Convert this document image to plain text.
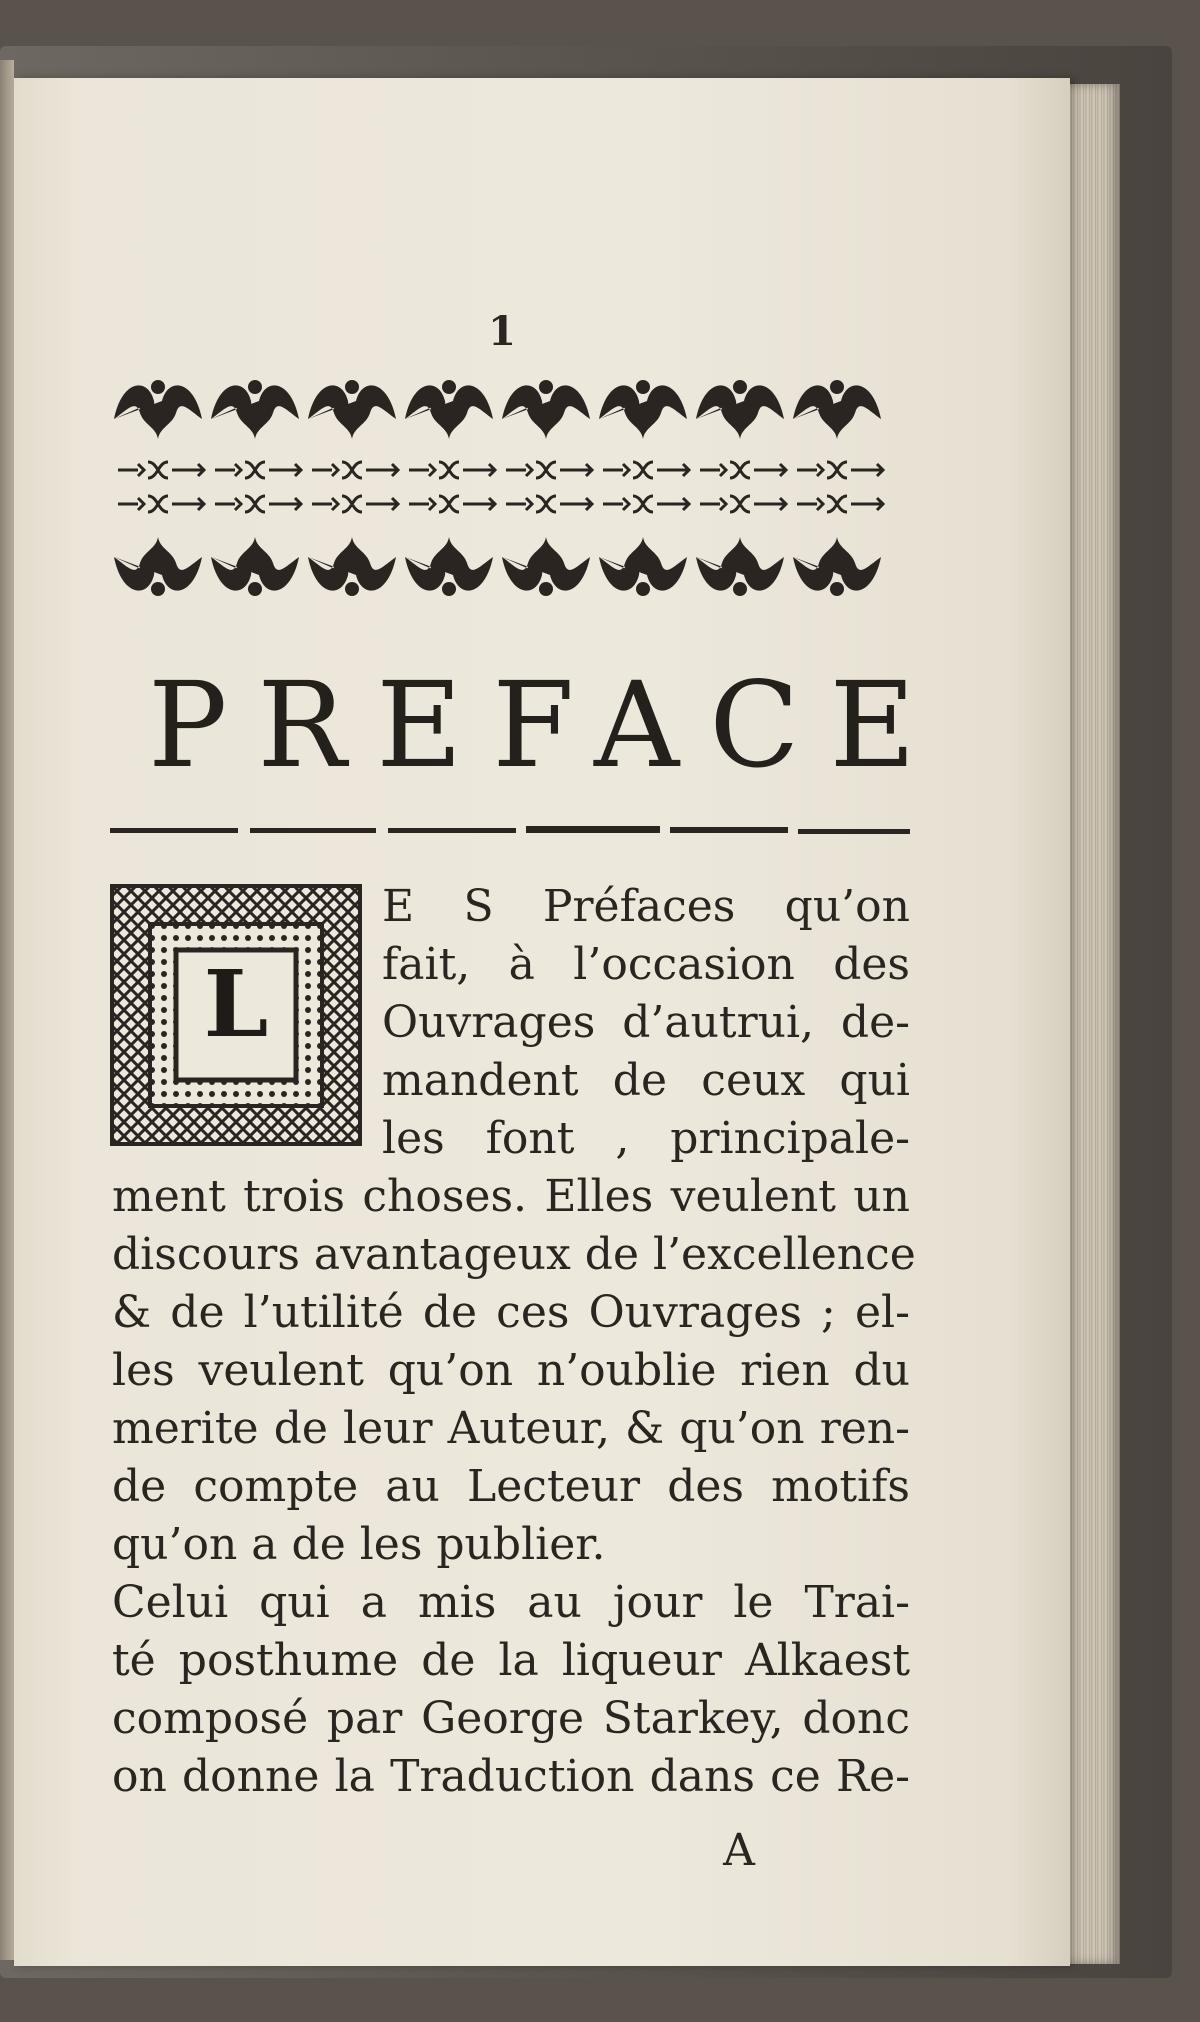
1
PREFACE
L
E S Préfaces qu’on
fait, à l’occasion des
Ouvrages d’autrui, de-
mandent de ceux qui
les font , principale-
ment trois choses. Elles veulent un
discours avantageux de l’excellence
& de l’utilité de ces Ouvrages ; el-
les veulent qu’on n’oublie rien du
merite de leur Auteur, & qu’on ren-
de compte au Lecteur des motifs
qu’on a de les publier.
Celui qui a mis au jour le Trai-
té posthume de la liqueur Alkaest
composé par George Starkey, donc
on donne la Traduction dans ce Re-
A
